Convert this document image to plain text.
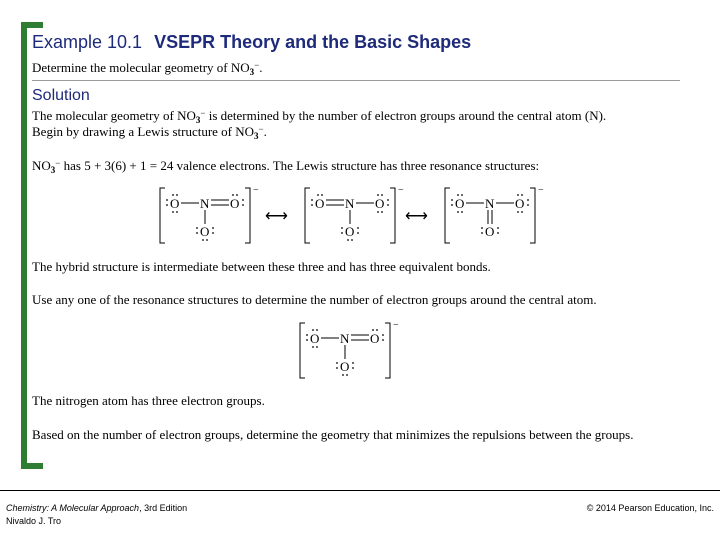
Example 10.1 VSEPR Theory and the Basic Shapes
Determine the molecular geometry of $NO_3^-$.
Solution
The molecular geometry of $NO_3^-$ is determined by the number of electron groups around the central atom (N).
Begin by drawing a Lewis structure of $NO_3^-$.
$NO_3^-$ has 5 + 3(6) + 1 = 24 valence electrons. The Lewis structure has three resonance structures:
−
O N O
O
⟷
−
O N O
O
⟷
−
O N O
O
The hybrid structure is intermediate between these three and has three equivalent bonds.
Use any one of the resonance structures to determine the number of electron groups around the central atom.
−
O N O
O
The nitrogen atom has three electron groups.
Based on the number of electron groups, determine the geometry that minimizes the repulsions between the groups.
Chemistry: A Molecular Approach, 3rd Edition
Nivaldo J. Tro
© 2014 Pearson Education, Inc.
